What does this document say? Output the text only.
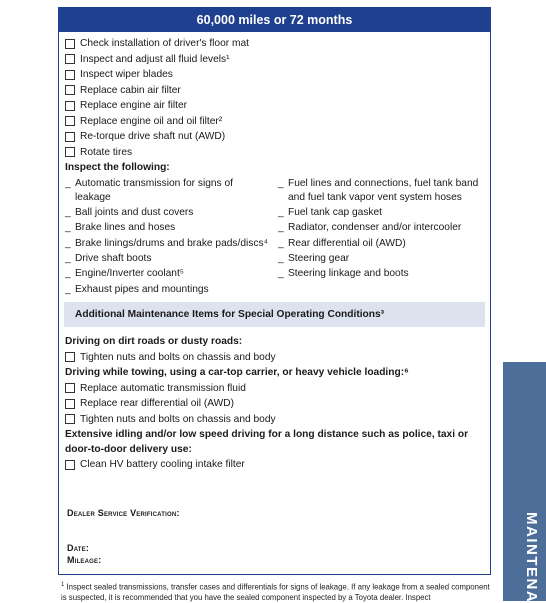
60,000 miles or 72 months
Check installation of driver's floor mat
Inspect and adjust all fluid levels¹
Inspect wiper blades
Replace cabin air filter
Replace engine air filter
Replace engine oil and oil filter²
Re-torque drive shaft nut (AWD)
Rotate tires
Inspect the following:
_ Automatic transmission for signs of leakage
_ Ball joints and dust covers
_ Brake lines and hoses
_ Brake linings/drums and brake pads/discs⁴
_ Drive shaft boots
_ Engine/Inverter coolant⁵
_ Exhaust pipes and mountings
_ Fuel lines and connections, fuel tank band and fuel tank vapor vent system hoses
_ Fuel tank cap gasket
_ Radiator, condenser and/or intercooler
_ Rear differential oil (AWD)
_ Steering gear
_ Steering linkage and boots
Additional Maintenance Items for Special Operating Conditions³
Driving on dirt roads or dusty roads:
Tighten nuts and bolts on chassis and body
Driving while towing, using a car-top carrier, or heavy vehicle loading:⁶
Replace automatic transmission fluid
Replace rear differential oil (AWD)
Tighten nuts and bolts on chassis and body
Extensive idling and/or low speed driving for a long distance such as police, taxi or door-to-door delivery use:
Clean HV battery cooling intake filter
Dealer Service Verification:
Date:
Mileage:
$^1$ Inspect sealed transmissions, transfer cases and differentials for signs of leakage. If any leakage from a sealed component is suspected, it is recommended that you have the sealed component inspected by a Toyota dealer. Inspect	MAINTENA
